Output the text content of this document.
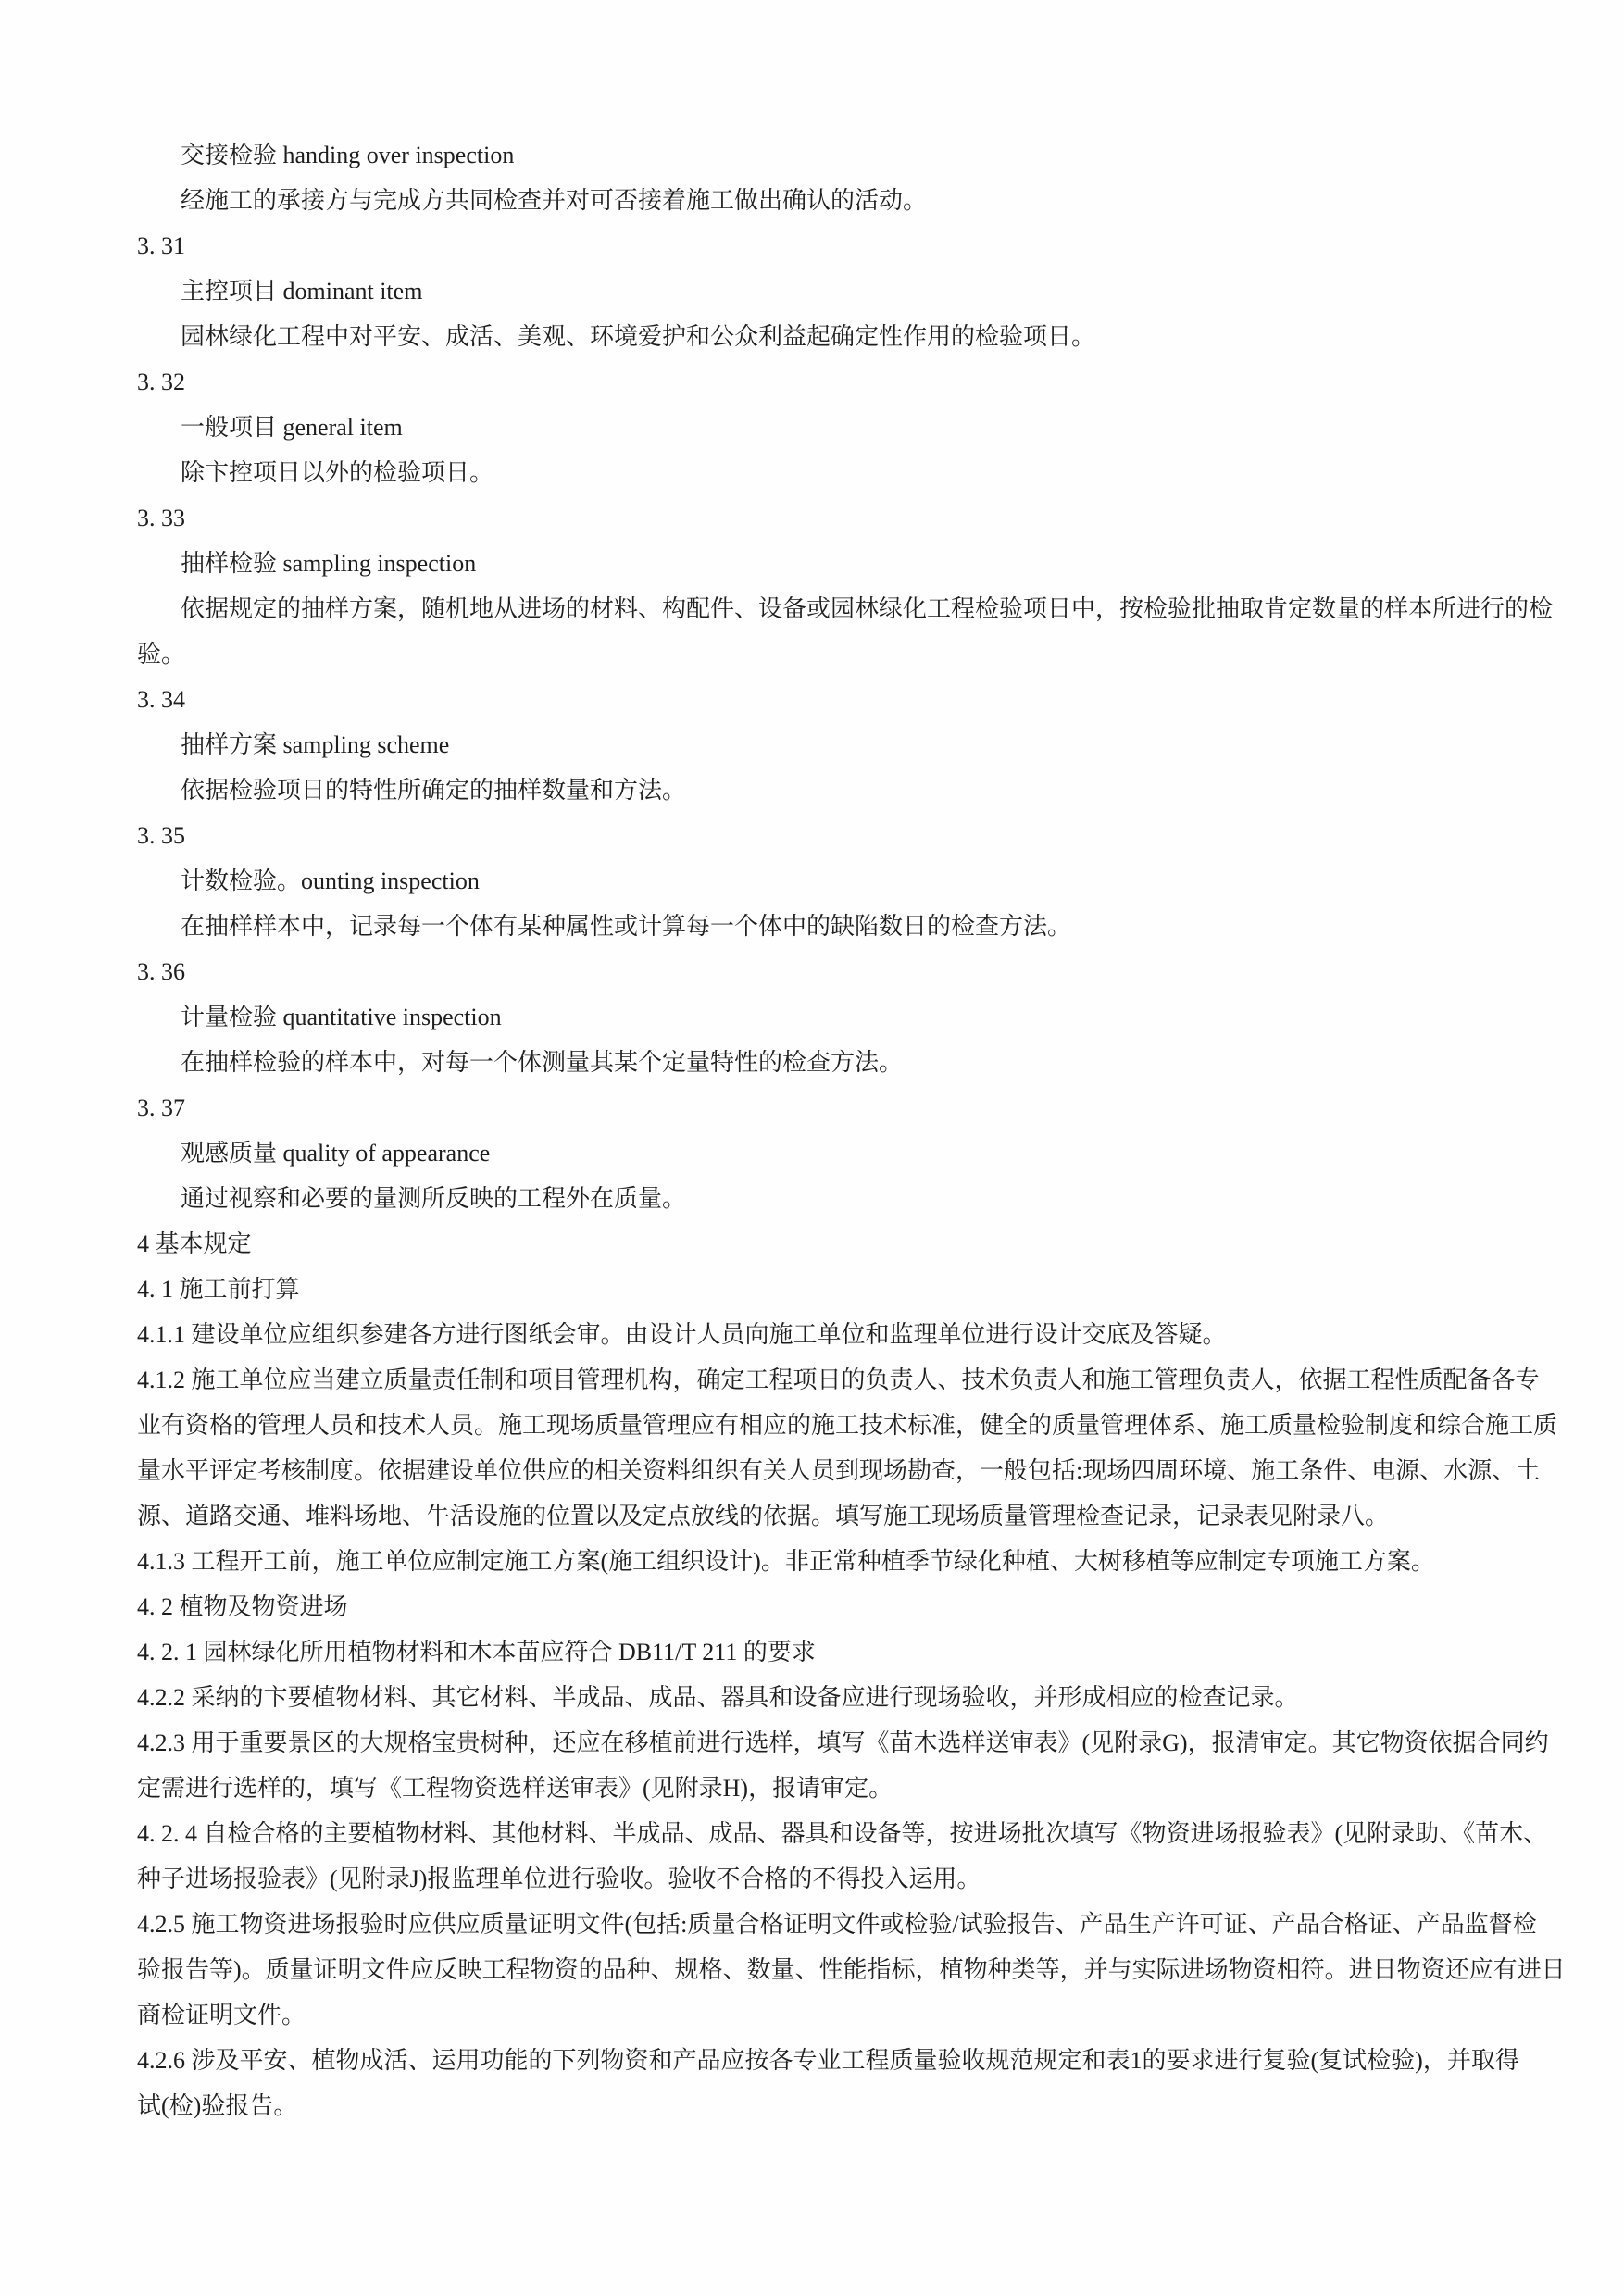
交接检验 handing over inspection
经施工的承接方与完成方共同检查并对可否接着施工做出确认的活动。
3. 31
主控项目 dominant item
园林绿化工程中对平安、成活、美观、环境爱护和公众利益起确定性作用的检验项日。
3. 32
一般项目 general item
除卞控项日以外的检验项日。
3. 33
抽样检验 sampling inspection
依据规定的抽样方案，随机地从进场的材料、构配件、设备或园林绿化工程检验项日中，按检验批抽取肯定数量的样本所进行的检
验。
3. 34
抽样方案 sampling scheme
依据检验项日的特性所确定的抽样数量和方法。
3. 35
计数检验。ounting inspection
在抽样样本中，记录每一个体有某种属性或计算每一个体中的缺陷数日的检查方法。
3. 36
计量检验 quantitative inspection
在抽样检验的样本中，对每一个体测量其某个定量特性的检查方法。
3. 37
观感质量 quality of appearance
通过视察和必要的量测所反映的工程外在质量。
4 基本规定
4. 1 施工前打算
4.1.1 建设单位应组织参建各方进行图纸会审。由设计人员向施工单位和监理单位进行设计交底及答疑。
4.1.2 施工单位应当建立质量责任制和项目管理机构，确定工程项日的负责人、技术负责人和施工管理负责人，依据工程性质配备各专
业有资格的管理人员和技术人员。施工现场质量管理应有相应的施工技术标准，健全的质量管理体系、施工质量检验制度和综合施工质
量水平评定考核制度。依据建设单位供应的相关资料组织有关人员到现场勘查，一般包括:现场四周环境、施工条件、电源、水源、土
源、道路交通、堆料场地、牛活设施的位置以及定点放线的依据。填写施工现场质量管理检查记录，记录表见附录八。
4.1.3 工程开工前，施工单位应制定施工方案(施工组织设计)。非正常种植季节绿化种植、大树移植等应制定专项施工方案。
4. 2 植物及物资进场
4. 2. 1 园林绿化所用植物材料和木本苗应符合 DB11/T 211 的要求
4.2.2 采纳的卞要植物材料、其它材料、半成品、成品、器具和设备应进行现场验收，并形成相应的检查记录。
4.2.3 用于重要景区的大规格宝贵树种，还应在移植前进行选样，填写《苗木选样送审表》(见附录G)，报清审定。其它物资依据合同约
定需进行选样的，填写《工程物资选样送审表》(见附录H)，报请审定。
4. 2. 4 自检合格的主要植物材料、其他材料、半成品、成品、器具和设备等，按进场批次填写《物资进场报验表》(见附录助、《苗木、
种子进场报验表》(见附录J)报监理单位进行验收。验收不合格的不得投入运用。
4.2.5 施工物资进场报验时应供应质量证明文件(包括:质量合格证明文件或检验/试验报告、产品生产许可证、产品合格证、产品监督检
验报告等)。质量证明文件应反映工程物资的品种、规格、数量、性能指标，植物种类等，并与实际进场物资相符。进日物资还应有进日
商检证明文件。
4.2.6 涉及平安、植物成活、运用功能的下列物资和产品应按各专业工程质量验收规范规定和表1的要求进行复验(复试检验)，并取得
试(检)验报告。
